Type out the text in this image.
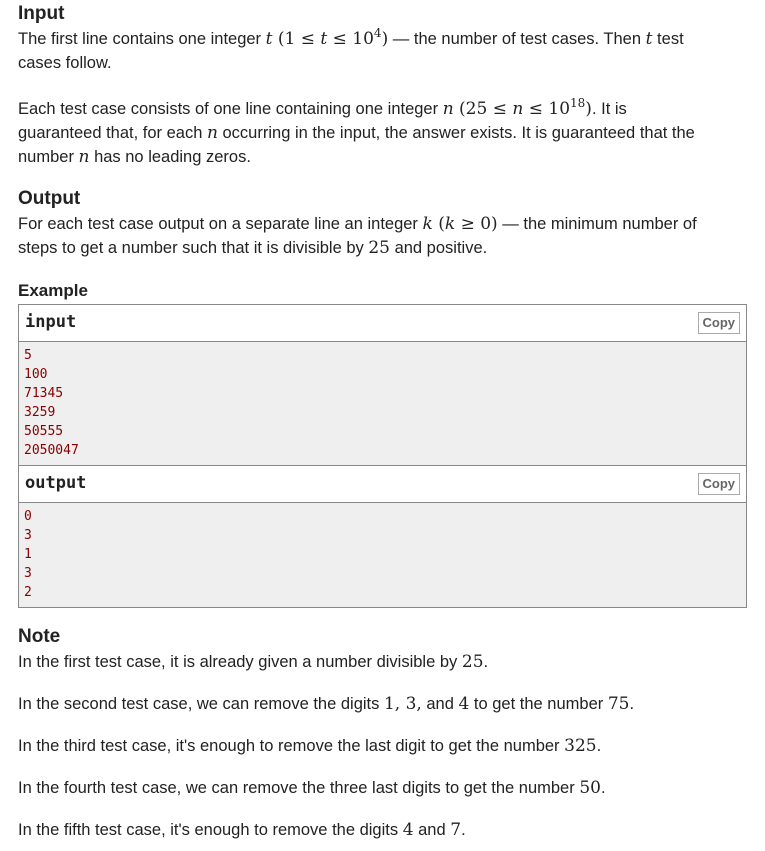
Input

The first line contains one integer t $(1 \le t \le 10^4)$ — the number of test cases. Then t test
cases follow.

Each test case consists of one line containing one integer n $(25 \le n \le 10^{18})$. It is
guaranteed that, for each n occurring in the input, the answer exists. It is guaranteed that the
number n has no leading zeros.

Output

For each test case output on a separate line an integer k (k ≥ 0) — the minimum number of
steps to get a number such that it is divisible by 25 and positive.

Example
input	Copy
5
100
71345
3259
50555
2050047
output	Copy
0
3
1
3
2
Note

In the first test case, it is already given a number divisible by 25.

In the second test case, we can remove the digits 1, 3, and 4 to get the number 75.

In the third test case, it's enough to remove the last digit to get the number 325.

In the fourth test case, we can remove the three last digits to get the number 50.

In the fifth test case, it's enough to remove the digits 4 and 7.
